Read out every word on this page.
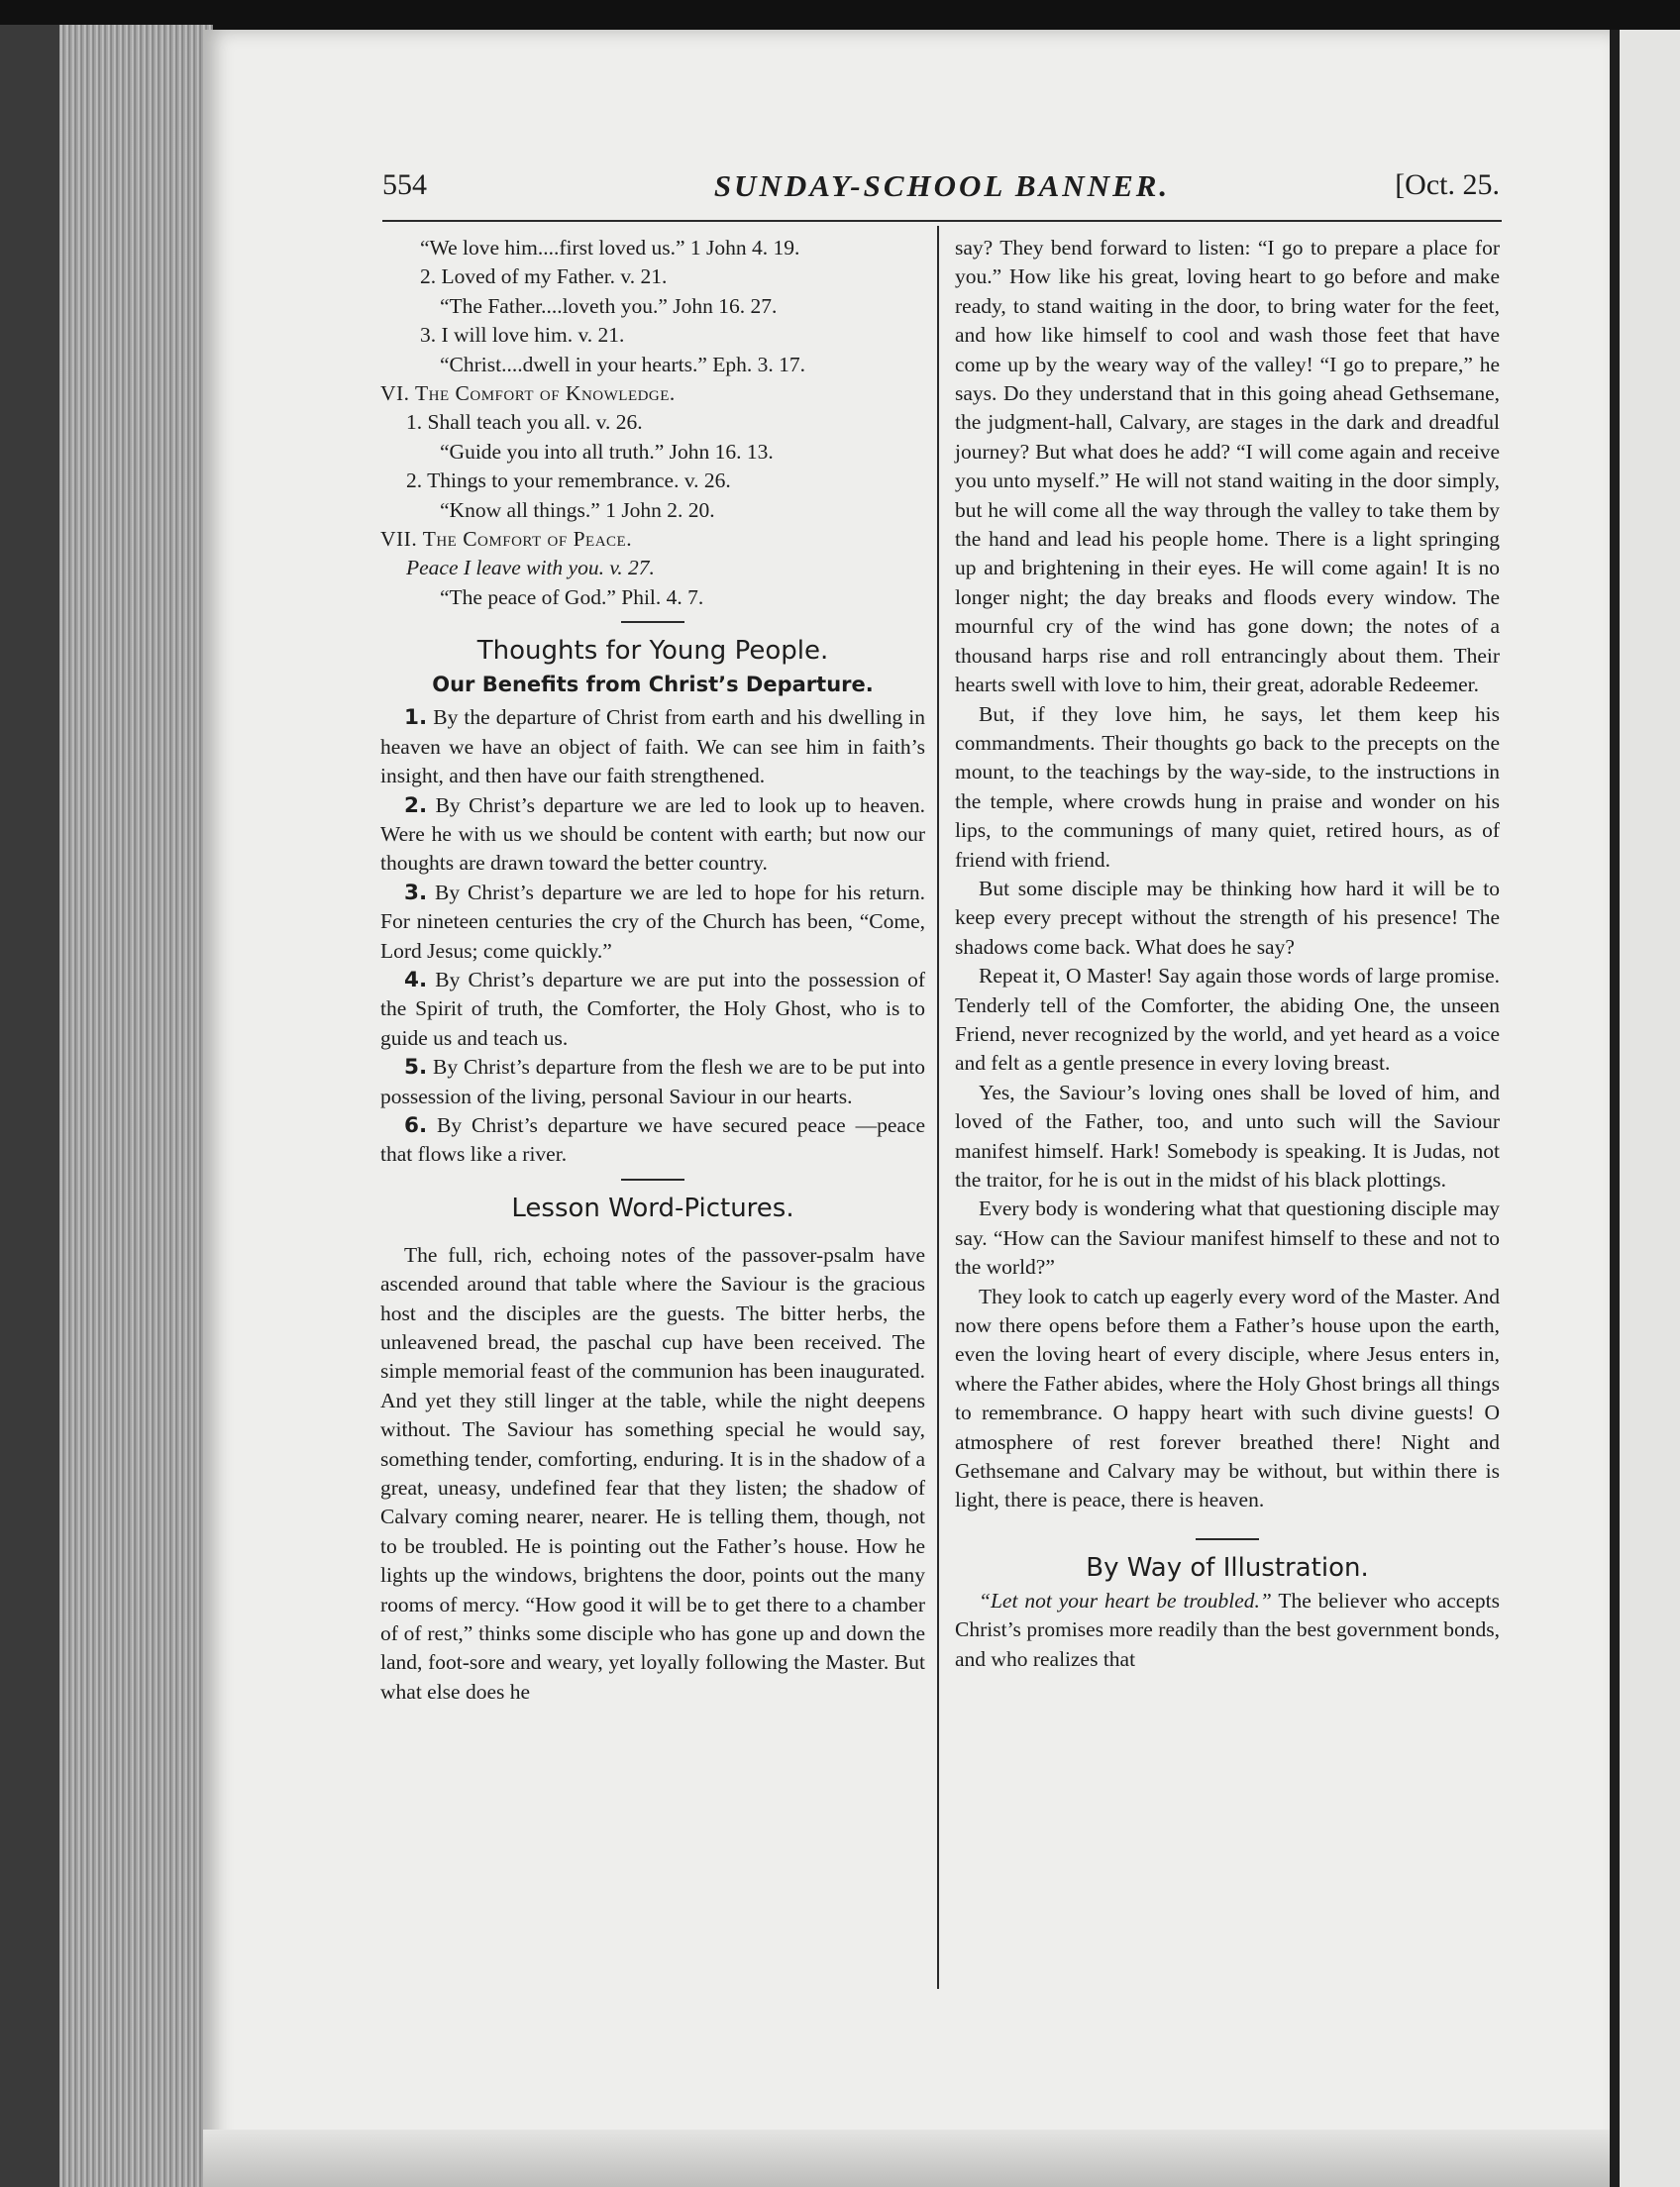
554	SUNDAY-SCHOOL BANNER.	[Oct. 25.
“We love him....first loved us.” 1 John 4. 19.
2. Loved of my Father. v. 21.
“The Father....loveth you.” John 16. 27.
3. I will love him. v. 21.
“Christ....dwell in your hearts.” Eph. 3. 17.
VI. The Comfort of Knowledge.
1. Shall teach you all. v. 26.
“Guide you into all truth.” John 16. 13.
2. Things to your remembrance. v. 26.
“Know all things.” 1 John 2. 20.
VII. The Comfort of Peace.
Peace I leave with you. v. 27.
“The peace of God.” Phil. 4. 7.
Thoughts for Young People.
Our Benefits from Christ’s Departure.

1. By the departure of Christ from earth and his dwelling in heaven we have an object of faith. We can see him in faith’s insight, and then have our faith strengthened.

2. By Christ’s departure we are led to look up to heaven. Were he with us we should be content with earth; but now our thoughts are drawn toward the better country.

3. By Christ’s departure we are led to hope for his return. For nineteen centuries the cry of the Church has been, “Come, Lord Jesus; come quickly.”

4. By Christ’s departure we are put into the possession of the Spirit of truth, the Comforter, the Holy Ghost, who is to guide us and teach us.

5. By Christ’s departure from the flesh we are to be put into possession of the living, personal Saviour in our hearts.

6. By Christ’s departure we have secured peace —peace that flows like a river.

Lesson Word-Pictures.

The full, rich, echoing notes of the passover-psalm have ascended around that table where the Saviour is the gracious host and the disciples are the guests. The bitter herbs, the unleavened bread, the paschal cup have been received. The simple memorial feast of the communion has been inaugurated. And yet they still linger at the table, while the night deepens without. The Saviour has something special he would say, something tender, comforting, enduring. It is in the shadow of a great, uneasy, undefined fear that they listen; the shadow of Calvary coming nearer, nearer. He is telling them, though, not to be troubled. He is pointing out the Father’s house. How he lights up the windows, brightens the door, points out the many rooms of mercy. “How good it will be to get there to a chamber of of rest,” thinks some disciple who has gone up and down the land, foot-sore and weary, yet loyally following the Master. But what else does he

say? They bend forward to listen: “I go to prepare a place for you.” How like his great, loving heart to go before and make ready, to stand waiting in the door, to bring water for the feet, and how like himself to cool and wash those feet that have come up by the weary way of the valley! “I go to prepare,” he says. Do they understand that in this going ahead Gethsemane, the judgment-hall, Calvary, are stages in the dark and dreadful journey? But what does he add? “I will come again and receive you unto myself.” He will not stand waiting in the door simply, but he will come all the way through the valley to take them by the hand and lead his people home. There is a light springing up and brightening in their eyes. He will come again! It is no longer night; the day breaks and floods every window. The mournful cry of the wind has gone down; the notes of a thousand harps rise and roll entrancingly about them. Their hearts swell with love to him, their great, adorable Redeemer.

But, if they love him, he says, let them keep his commandments. Their thoughts go back to the precepts on the mount, to the teachings by the way-side, to the instructions in the temple, where crowds hung in praise and wonder on his lips, to the communings of many quiet, retired hours, as of friend with friend.

But some disciple may be thinking how hard it will be to keep every precept without the strength of his presence! The shadows come back. What does he say?

Repeat it, O Master! Say again those words of large promise. Tenderly tell of the Comforter, the abiding One, the unseen Friend, never recognized by the world, and yet heard as a voice and felt as a gentle presence in every loving breast.

Yes, the Saviour’s loving ones shall be loved of him, and loved of the Father, too, and unto such will the Saviour manifest himself. Hark! Somebody is speaking. It is Judas, not the traitor, for he is out in the midst of his black plottings.

Every body is wondering what that questioning disciple may say. “How can the Saviour manifest himself to these and not to the world?”

They look to catch up eagerly every word of the Master. And now there opens before them a Father’s house upon the earth, even the loving heart of every disciple, where Jesus enters in, where the Father abides, where the Holy Ghost brings all things to remembrance. O happy heart with such divine guests! O atmosphere of rest forever breathed there! Night and Gethsemane and Calvary may be without, but within there is light, there is peace, there is heaven.

By Way of Illustration.

“Let not your heart be troubled.” The believer who accepts Christ’s promises more readily than the best government bonds, and who realizes that
